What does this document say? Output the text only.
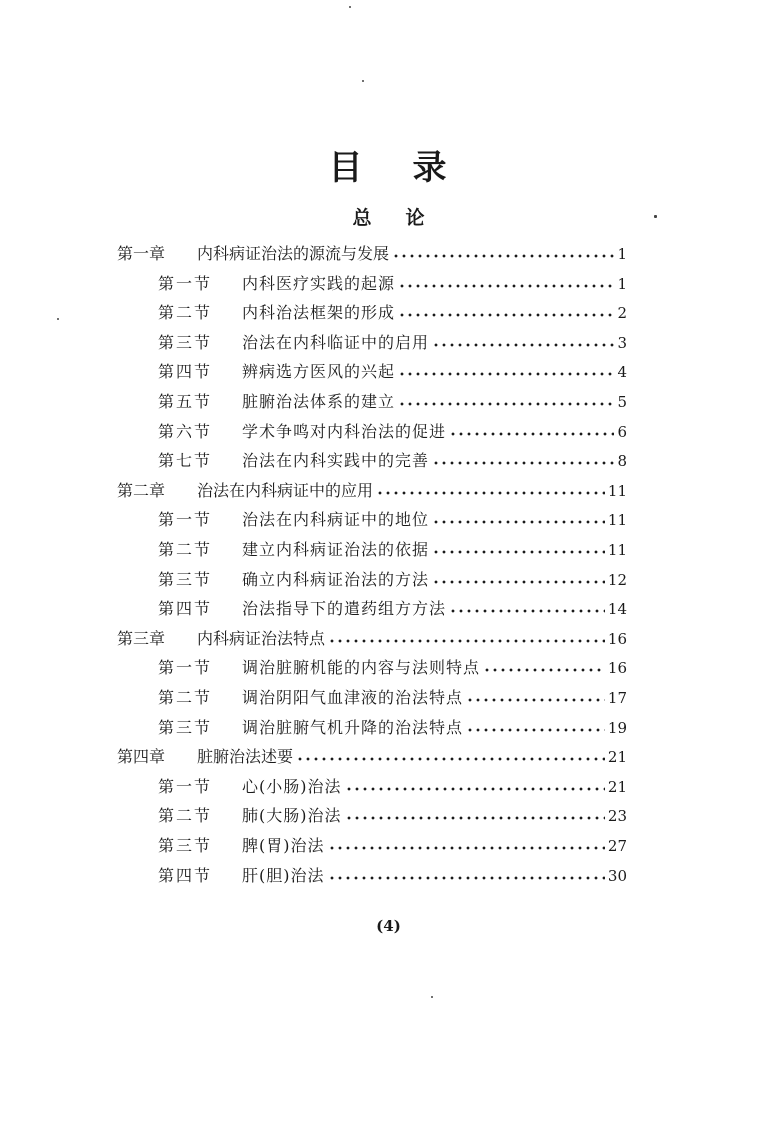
目 录
总 论
第一章	内科病证治法的源流与发展	1
第一节	内科医疗实践的起源	1
第二节	内科治法框架的形成	2
第三节	治法在内科临证中的启用	3
第四节	辨病选方医风的兴起	4
第五节	脏腑治法体系的建立	5
第六节	学术争鸣对内科治法的促进	6
第七节	治法在内科实践中的完善	8
第二章	治法在内科病证中的应用	11
第一节	治法在内科病证中的地位	11
第二节	建立内科病证治法的依据	11
第三节	确立内科病证治法的方法	12
第四节	治法指导下的遣药组方方法	14
第三章	内科病证治法特点	16
第一节	调治脏腑机能的内容与法则特点	16
第二节	调治阴阳气血津液的治法特点	17
第三节	调治脏腑气机升降的治法特点	19
第四章	脏腑治法述要	21
第一节	心(小肠)治法	21
第二节	肺(大肠)治法	23
第三节	脾(胃)治法	27
第四节	肝(胆)治法	30
(4)
